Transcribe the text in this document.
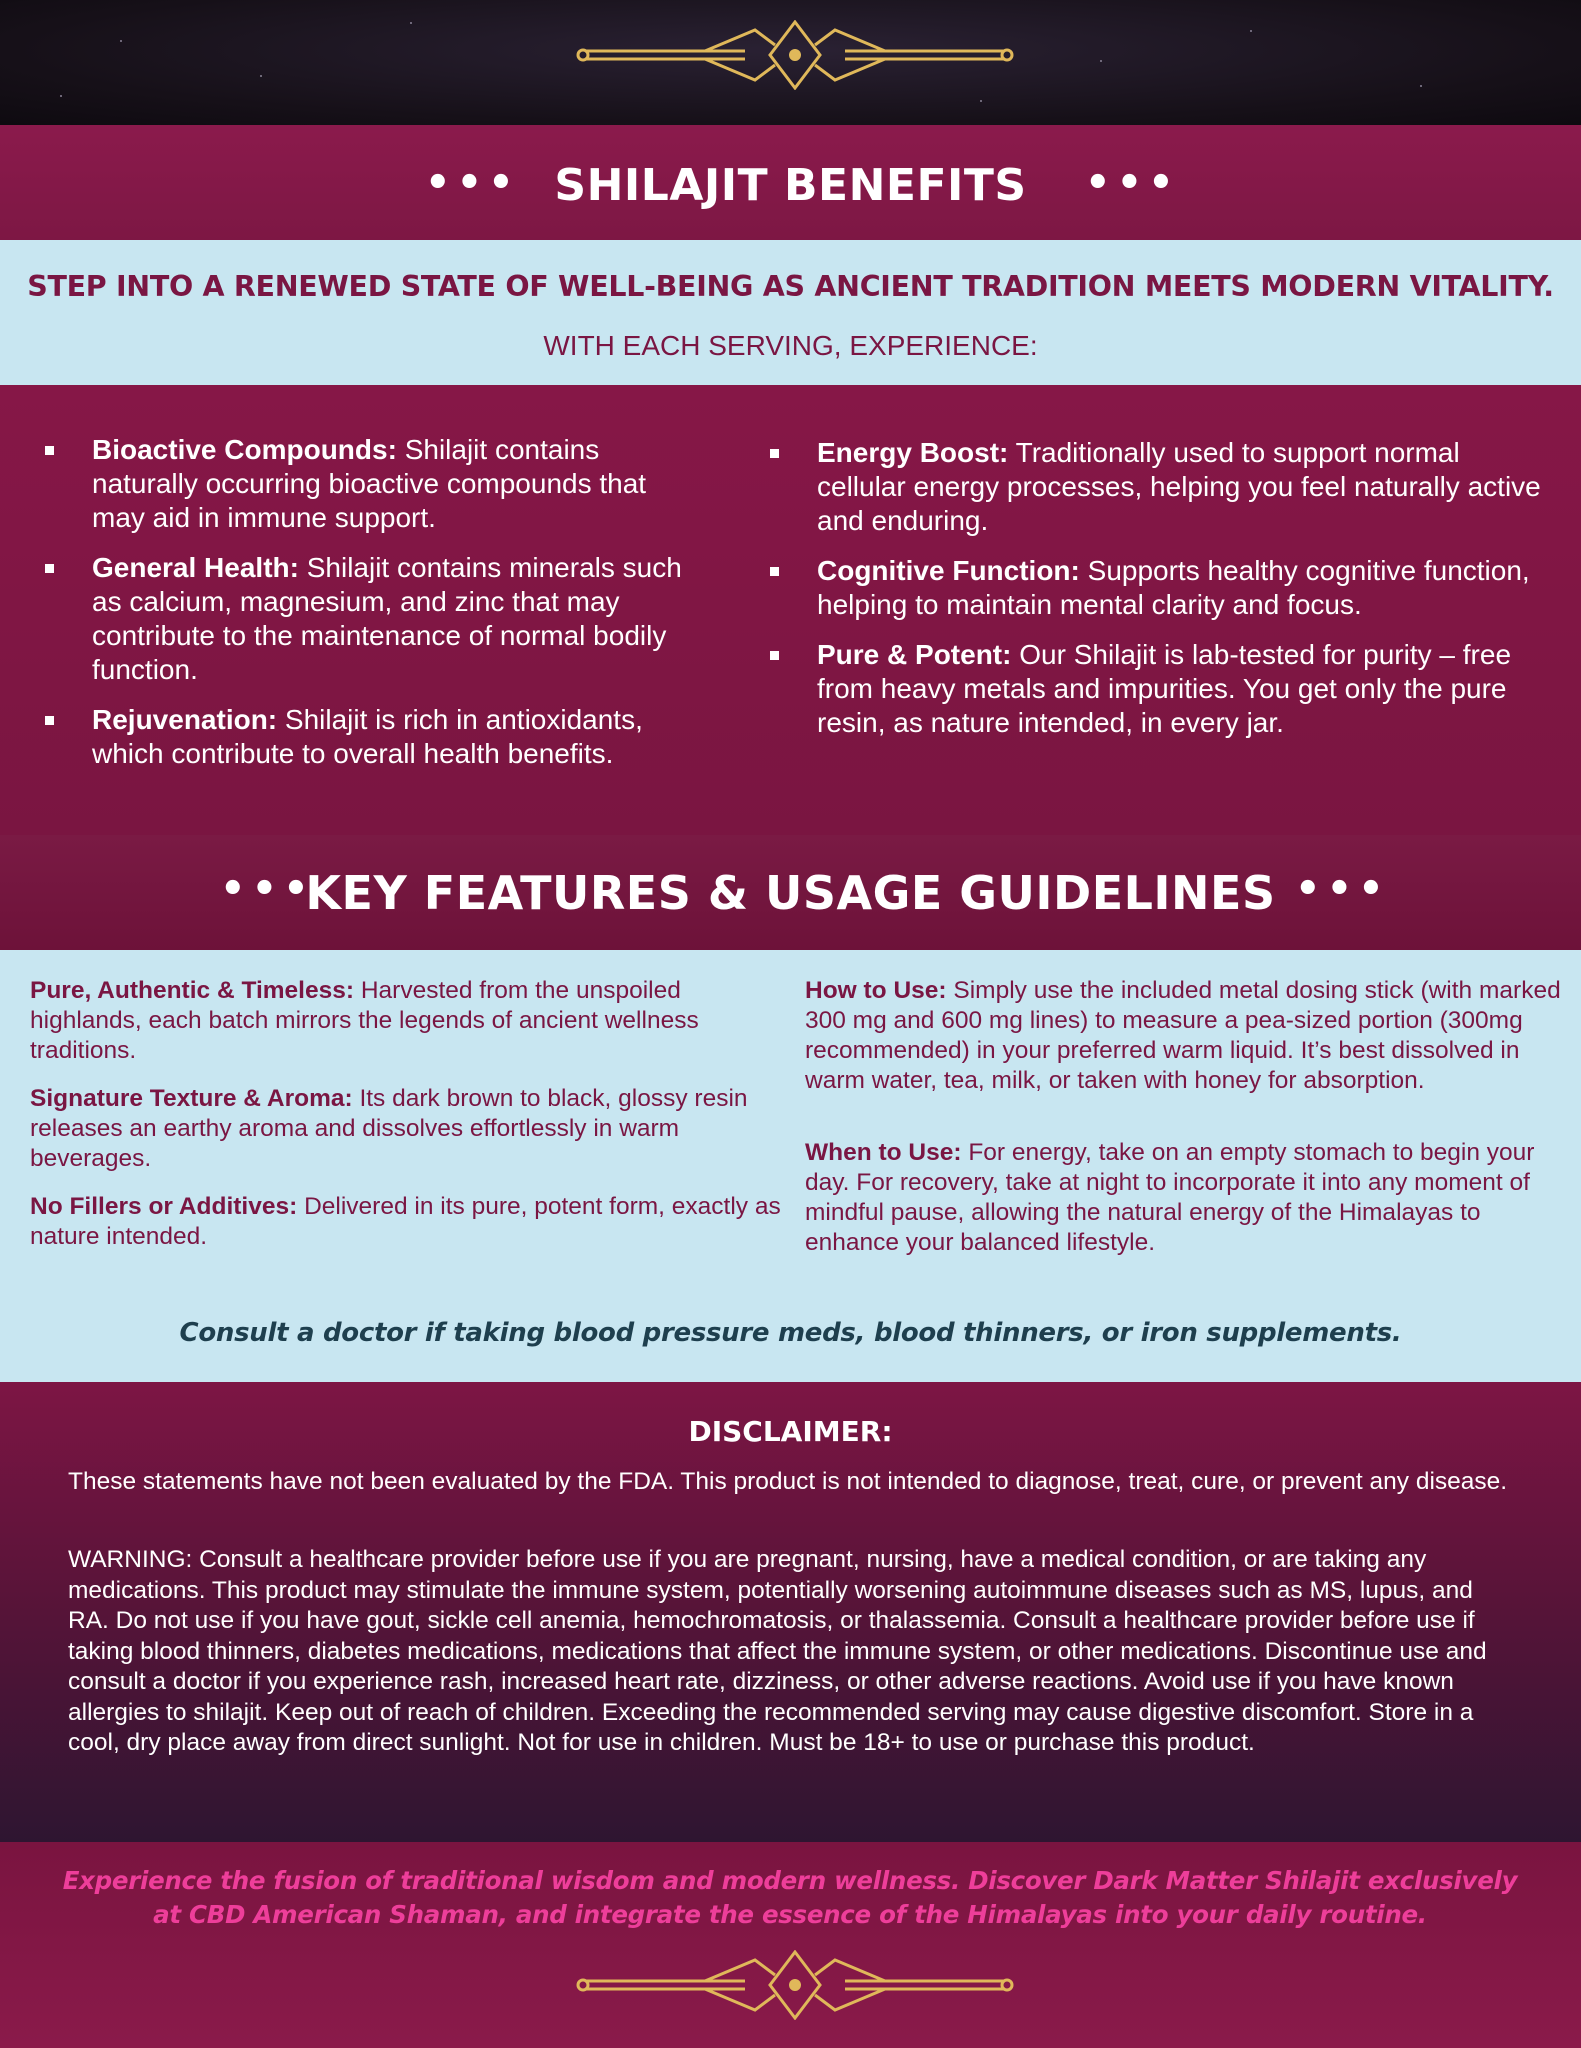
••• SHILAJIT BENEFITS	•••
STEP INTO A RENEWED STATE OF WELL-BEING AS ANCIENT TRADITION MEETS MODERN VITALITY.
WITH EACH SERVING, EXPERIENCE:
Bioactive Compounds: Shilajit contains naturally occurring bioactive compounds that may aid in immune support.
General Health: Shilajit contains minerals such as calcium, magnesium, and zinc that may contribute to the maintenance of normal bodily function.
Rejuvenation: Shilajit is rich in antioxidants, which contribute to overall health benefits.
Energy Boost: Traditionally used to support normal cellular energy processes, helping you feel naturally active and enduring.
Cognitive Function: Supports healthy cognitive function, helping to maintain mental clarity and focus.
Pure & Potent: Our Shilajit is lab-tested for purity – free from heavy metals and impurities. You get only the pure resin, as nature intended, in every jar.
•••
KEY FEATURES & USAGE GUIDELINES •••
Pure, Authentic & Timeless: Harvested from the unspoiled highlands, each batch mirrors the legends of ancient wellness traditions.
Signature Texture & Aroma: Its dark brown to black, glossy resin releases an earthy aroma and dissolves effortlessly in warm beverages.
No Fillers or Additives: Delivered in its pure, potent form, exactly as nature intended.
How to Use: Simply use the included metal dosing stick (with marked 300 mg and 600 mg lines) to measure a pea-sized portion (300mg recommended) in your preferred warm liquid. It’s best dissolved in warm water, tea, milk, or taken with honey for absorption.
When to Use: For energy, take on an empty stomach to begin your day. For recovery, take at night to incorporate it into any moment of mindful pause, allowing the natural energy of the Himalayas to enhance your balanced lifestyle.
Consult a doctor if taking blood pressure meds, blood thinners, or iron supplements.
DISCLAIMER:
These statements have not been evaluated by the FDA. This product is not intended to diagnose, treat, cure, or prevent any disease.
WARNING: Consult a healthcare provider before use if you are pregnant, nursing, have a medical condition, or are taking any medications. This product may stimulate the immune system, potentially worsening autoimmune diseases such as MS, lupus, and RA. Do not use if you have gout, sickle cell anemia, hemochromatosis, or thalassemia. Consult a healthcare provider before use if taking blood thinners, diabetes medications, medications that affect the immune system, or other medications. Discontinue use and consult a doctor if you experience rash, increased heart rate, dizziness, or other adverse reactions. Avoid use if you have known allergies to shilajit. Keep out of reach of children. Exceeding the recommended serving may cause digestive discomfort. Store in a cool, dry place away from direct sunlight. Not for use in children. Must be 18+ to use or purchase this product.
Experience the fusion of traditional wisdom and modern wellness. Discover Dark Matter Shilajit exclusively at CBD American Shaman, and integrate the essence of the Himalayas into your daily routine.
